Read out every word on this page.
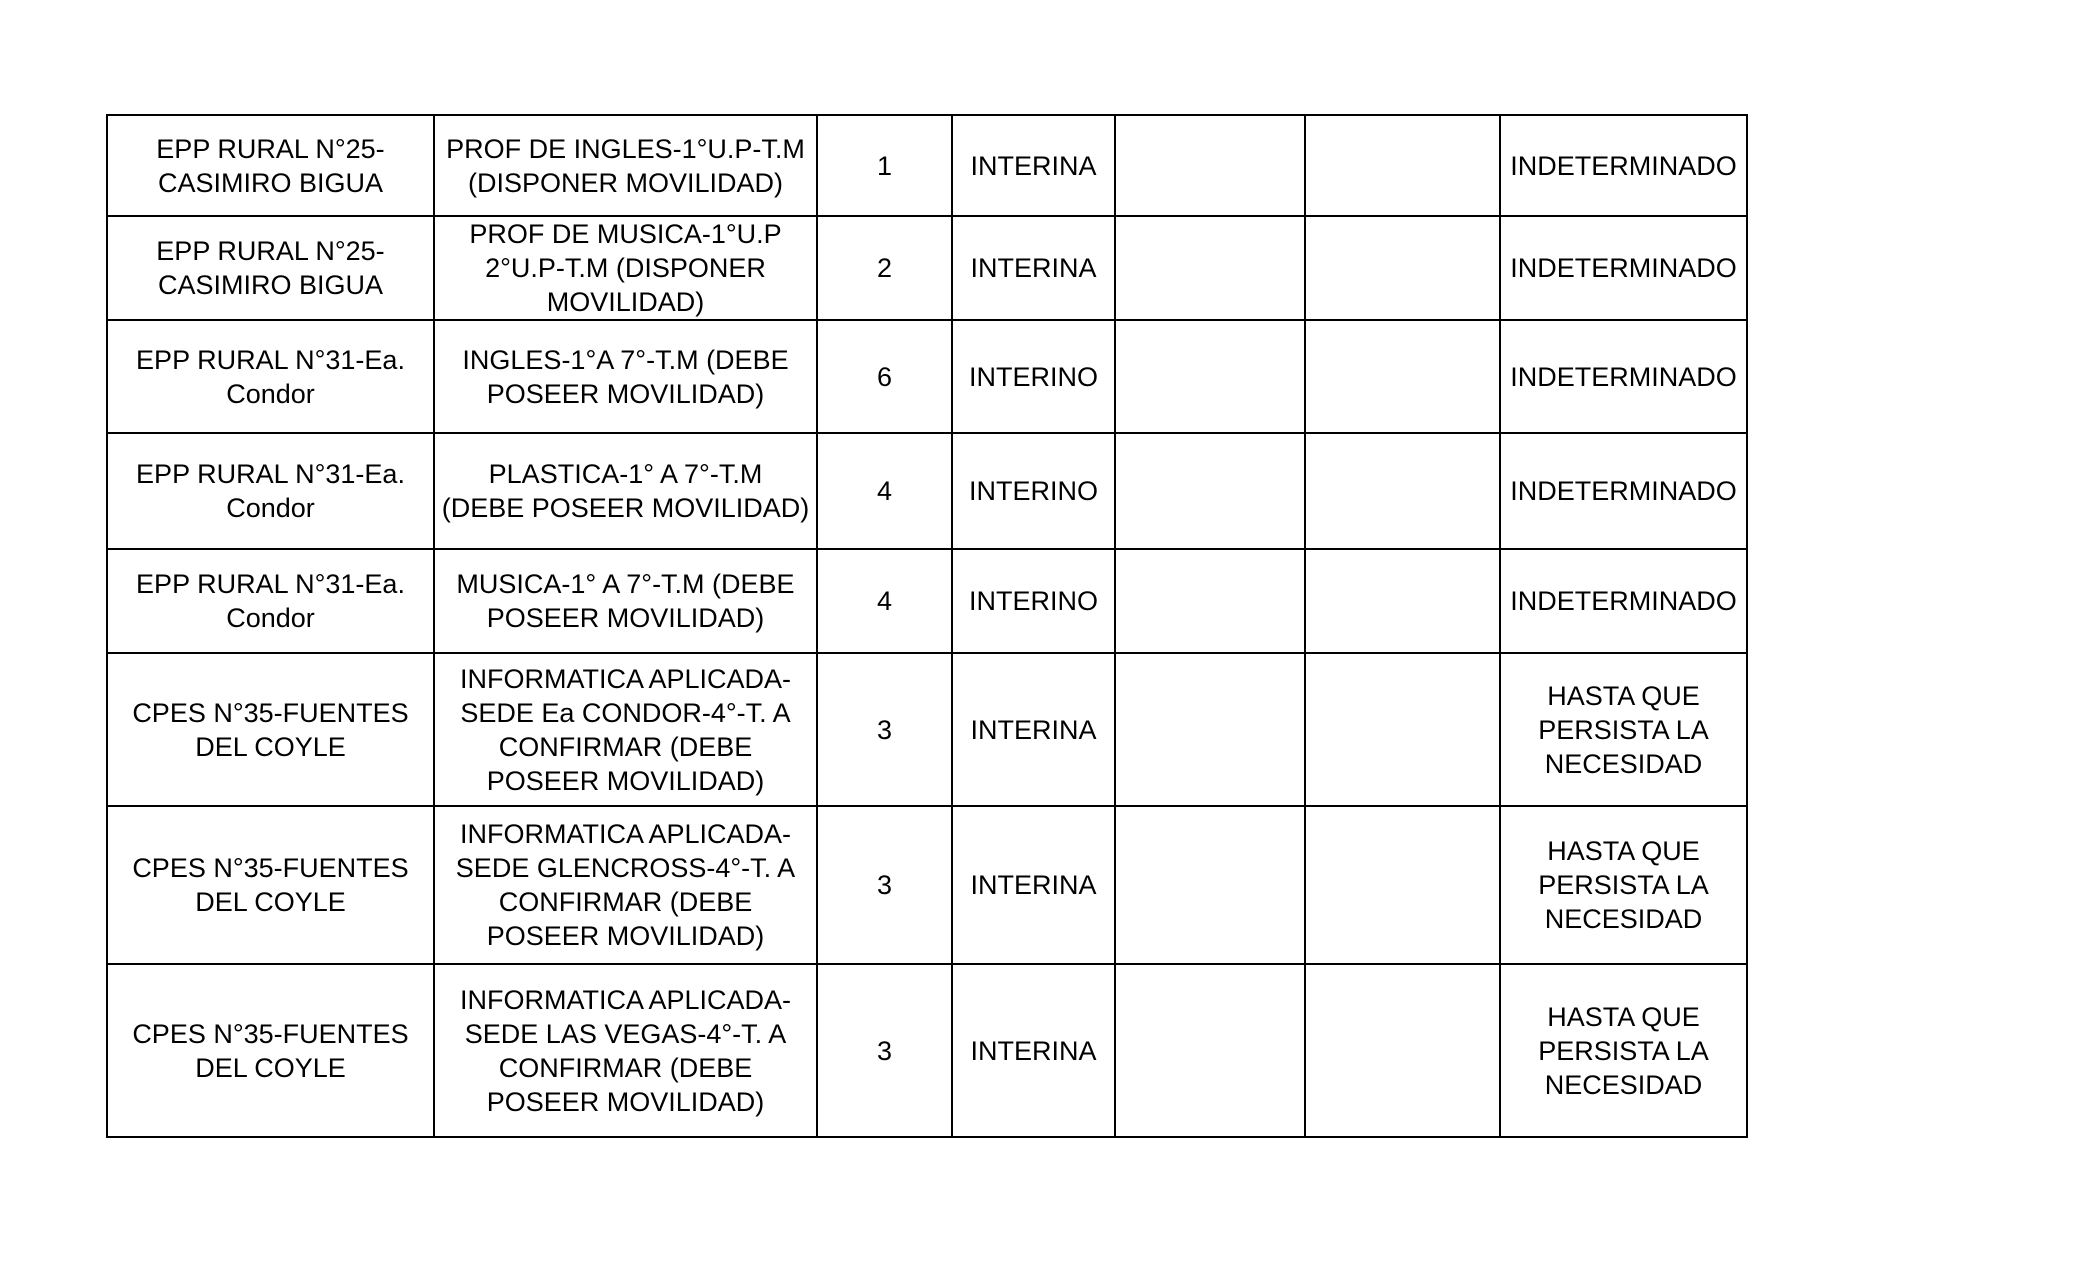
EPP RURAL N°25-
CASIMIRO BIGUA	PROF DE INGLES-1°U.P-T.M
(DISPONER MOVILIDAD)	1	INTERINA			INDETERMINADO

EPP RURAL N°25-
CASIMIRO BIGUA	PROF DE MUSICA-1°U.P
2°U.P-T.M (DISPONER
MOVILIDAD)	2	INTERINA			INDETERMINADO

EPP RURAL N°31-Ea.
Condor	INGLES-1°A 7°-T.M (DEBE
POSEER MOVILIDAD)	6	INTERINO			INDETERMINADO

EPP RURAL N°31-Ea.
Condor	PLASTICA-1° A 7°-T.M
(DEBE POSEER MOVILIDAD)	4	INTERINO			INDETERMINADO

EPP RURAL N°31-Ea.
Condor	MUSICA-1° A 7°-T.M (DEBE
POSEER MOVILIDAD)	4	INTERINO			INDETERMINADO

CPES N°35-FUENTES
DEL COYLE	INFORMATICA APLICADA-
SEDE Ea CONDOR-4°-T. A
CONFIRMAR (DEBE
POSEER MOVILIDAD)	3	INTERINA			HASTA QUE
PERSISTA LA
NECESIDAD

CPES N°35-FUENTES
DEL COYLE	INFORMATICA APLICADA-
SEDE GLENCROSS-4°-T. A
CONFIRMAR (DEBE
POSEER MOVILIDAD)	3	INTERINA			HASTA QUE
PERSISTA LA
NECESIDAD

CPES N°35-FUENTES
DEL COYLE	INFORMATICA APLICADA-
SEDE LAS VEGAS-4°-T. A
CONFIRMAR (DEBE
POSEER MOVILIDAD)	3	INTERINA			HASTA QUE
PERSISTA LA
NECESIDAD
